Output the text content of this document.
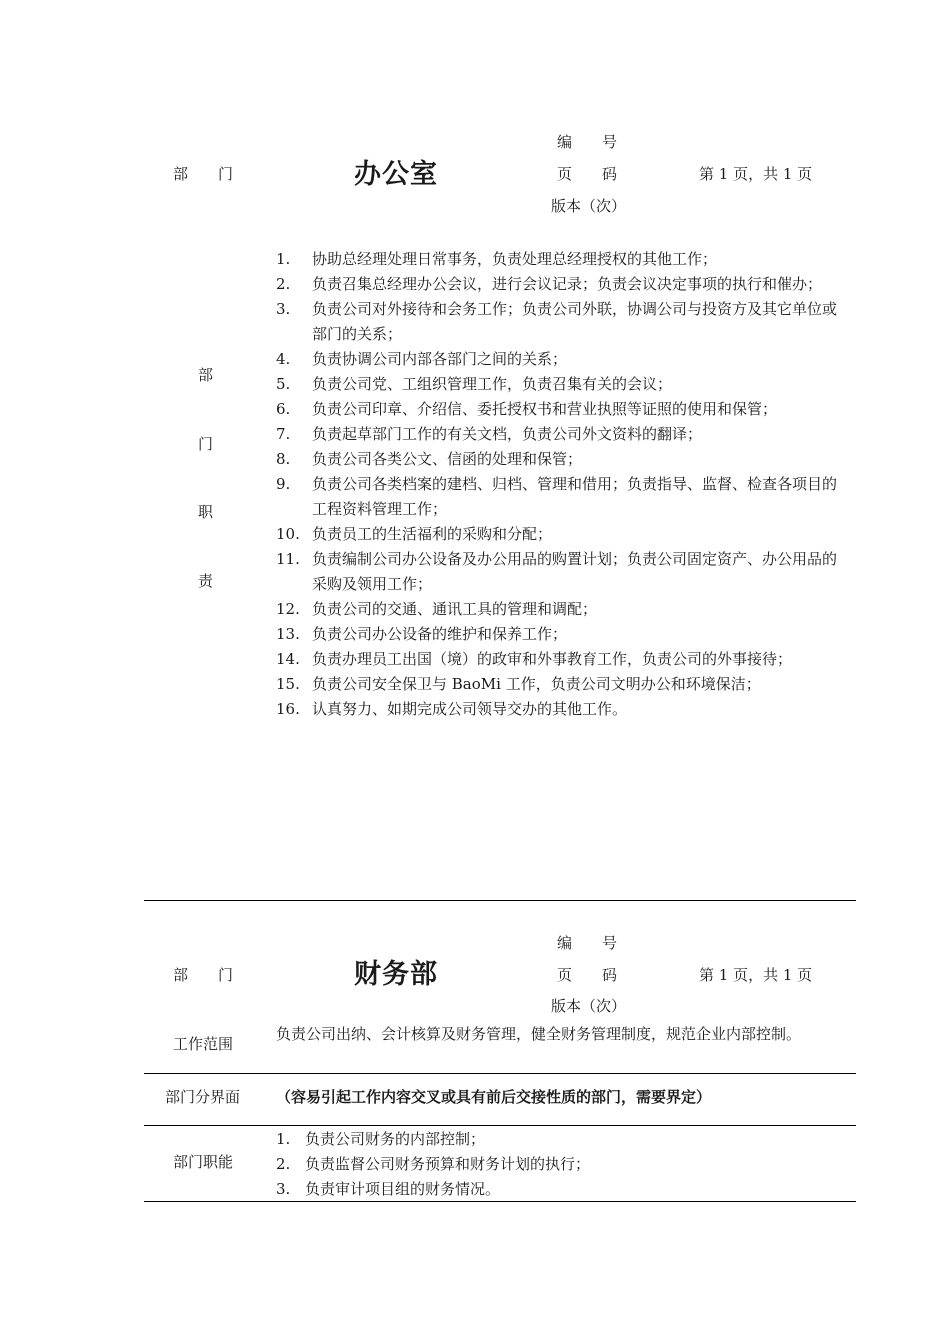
部　　门	办公室
编　　号
页　　码
版本（次）
第 1 页，共 1 页
部
门
职
责
1. 协助总经理处理日常事务，负责处理总经理授权的其他工作；
2. 负责召集总经理办公会议，进行会议记录；负责会议决定事项的执行和催办；
3. 负责公司对外接待和会务工作；负责公司外联，协调公司与投资方及其它单位或部门的关系；
4. 负责协调公司内部各部门之间的关系；
5. 负责公司党、工组织管理工作，负责召集有关的会议；
6. 负责公司印章、介绍信、委托授权书和营业执照等证照的使用和保管；
7. 负责起草部门工作的有关文档，负责公司外文资料的翻译；
8. 负责公司各类公文、信函的处理和保管；
9. 负责公司各类档案的建档、归档、管理和借用；负责指导、监督、检查各项目的工程资料管理工作；
10. 负责员工的生活福利的采购和分配；
11. 负责编制公司办公设备及办公用品的购置计划；负责公司固定资产、办公用品的采购及领用工作；
12. 负责公司的交通、通讯工具的管理和调配；
13. 负责公司办公设备的维护和保养工作；
14. 负责办理员工出国（境）的政审和外事教育工作，负责公司的外事接待；
15. 负责公司安全保卫与 BaoMi 工作，负责公司文明办公和环境保洁；
16. 认真努力、如期完成公司领导交办的其他工作。
部　　门	财务部
编　　号
页　　码
版本（次）
第 1 页，共 1 页
工作范围
负责公司出纳、会计核算及财务管理，健全财务管理制度，规范企业内部控制。
部门分界面 （容易引起工作内容交叉或具有前后交接性质的部门，需要界定）
部门职能
1. 负责公司财务的内部控制；
2. 负责监督公司财务预算和财务计划的执行；
3. 负责审计项目组的财务情况。
